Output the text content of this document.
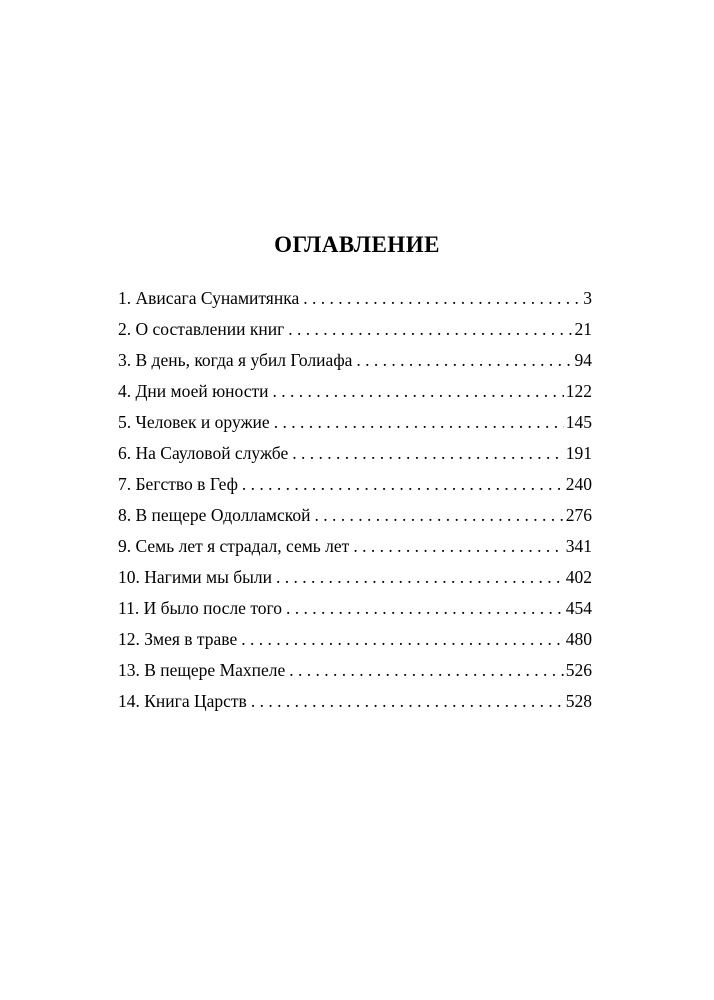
ОГЛАВЛЕНИЕ
1. Ависага Сунамитянка . . .	3
2. О составлении книг . . .	21
3. В день, когда я убил Голиафа . . .	94
4. Дни моей юности . . .	122
5. Человек и оружие . . .	145
6. На Сауловой службе . . .	191
7. Бегство в Геф . . .	240
8. В пещере Одолламской . . .	276
9. Семь лет я страдал, семь лет . . .	341
10. Нагими мы были . . .	402
11. И было после того . . .	454
12. Змея в траве . . .	480
13. В пещере Махпеле . . .	526
14. Книга Царств . . .	528
